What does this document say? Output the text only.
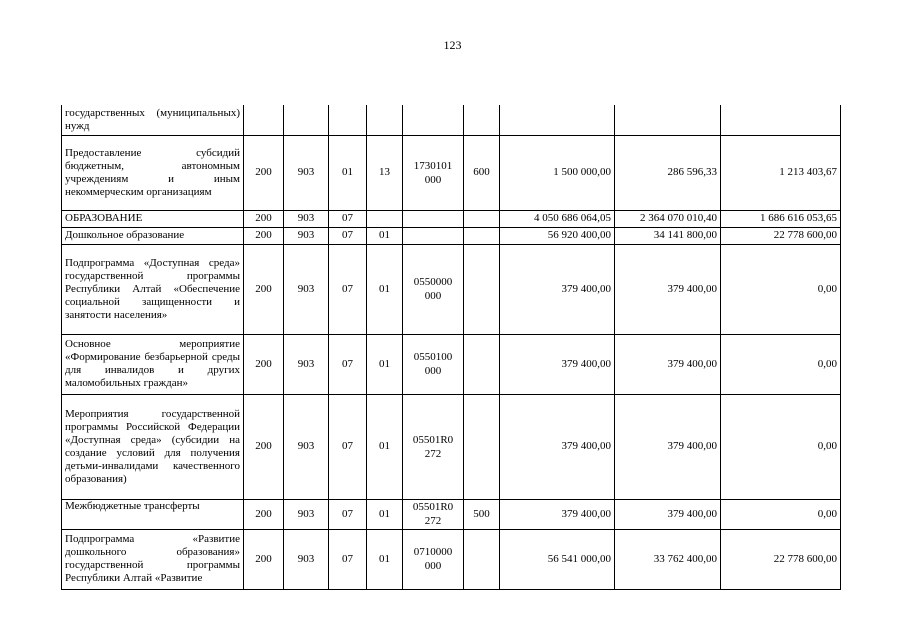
123
государственных (муниципальных) нужд									
Предоставление субсидий бюджетным, автономным учреждениям и иным некоммерческим организациям	200	903	01	13	1730101 000	600	1 500 000,00	286 596,33	1 213 403,67
ОБРАЗОВАНИЕ	200	903	07				4 050 686 064,05	2 364 070 010,40	1 686 616 053,65
Дошкольное образование	200	903	07	01			56 920 400,00	34 141 800,00	22 778 600,00
Подпрограмма «Доступная среда» государственной программы Республики Алтай «Обеспечение социальной защищенности и занятости населения»	200	903	07	01	0550000 000		379 400,00	379 400,00	0,00
Основное мероприятие «Формирование безбарьерной среды для инвалидов и других маломобильных граждан»	200	903	07	01	0550100 000		379 400,00	379 400,00	0,00
Мероприятия государственной программы Российской Федерации «Доступная среда» (субсидии на создание условий для получения детьми-инвалидами качественного образования)	200	903	07	01	05501R0 272		379 400,00	379 400,00	0,00
Межбюджетные трансферты	200	903	07	01	05501R0 272	500	379 400,00	379 400,00	0,00
Подпрограмма «Развитие дошкольного образования» государственной программы Республики Алтай «Развитие	200	903	07	01	0710000 000		56 541 000,00	33 762 400,00	22 778 600,00
